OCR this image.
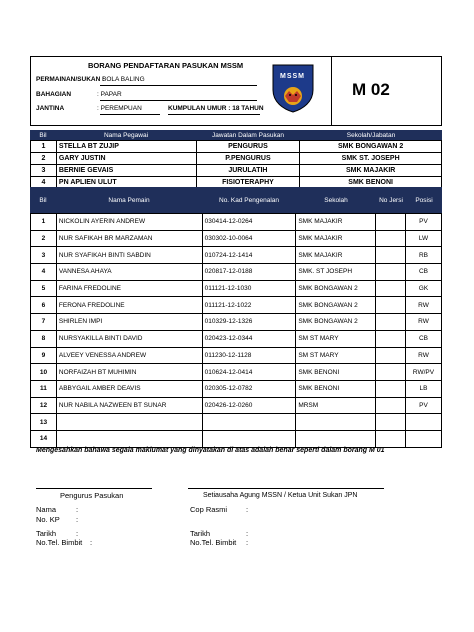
BORANG PENDAFTARAN PASUKAN MSSM
PERMAINAN/SUKAN :
BOLA BALING
BAHAGIAN	: PAPAR
JANTINA	: PEREMPUAN	KUMPULAN UMUR : 18 TAHUN
MSSM
M 02
Bil	Nama Pegawai	Jawatan Dalam Pasukan	Sekolah/Jabatan
1	STELLA BT ZUJIP	PENGURUS	SMK BONGAWAN 2
2	GARY JUSTIN	P.PENGURUS	SMK ST. JOSEPH
3	BERNIE GEVAIS	JURULATIH	SMK MAJAKIR
4	PN APLIEN ULUT	FISIOTERAPHY	SMK BENONI
Bil	Nama Pemain	No. Kad Pengenalan	Sekolah	No Jersi	Posisi
1	NICKOLIN AYERIN ANDREW	030414-12-0264	SMK MAJAKIR		PV
2	NUR SAFIKAH BR MARZAMAN	030302-10-0064	SMK MAJAKIR		LW
3	NUR SYAFIKAH BINTI SABDIN	010724-12-1414	SMK MAJAKIR		RB
4	VANNESA AHAYA	020817-12-0188	SMK. ST JOSEPH		CB
5	FARINA FREDOLINE	011121-12-1030	SMK BONGAWAN 2		GK
6	FERONA FREDOLINE	011121-12-1022	SMK BONGAWAN 2		RW
7	SHIRLEN IMPI	010329-12-1326	SMK BONGAWAN 2		RW
8	NURSYAKILLA BINTI DAVID	020423-12-0344	SM ST MARY		CB
9	ALVEEY VENESSA ANDREW	011230-12-1128	SM ST MARY		RW
10	NORFAIZAH BT MUHIMIN	010624-12-0414	SMK BENONI		RW/PV
11	ABBYGAIL AMBER DEAVIS	020305-12-0782	SMK BENONI		LB
12	NUR NABILA NAZWEEN BT SUNAR	020426-12-0260	MRSM		PV
13					
14					
Mengesahkan bahawa segala maklumat yang dinyatakan di atas adalah benar seperti dalam borang M 01
Pengurus Pasukan	Setiausaha Agung MSSN / Ketua Unit Sukan JPN
Nama	:
No. KP :
Cop Rasmi	:
Tarikh	:
No.Tel. Bimbit :
Tarikh	:
No.Tel. Bimbit :
